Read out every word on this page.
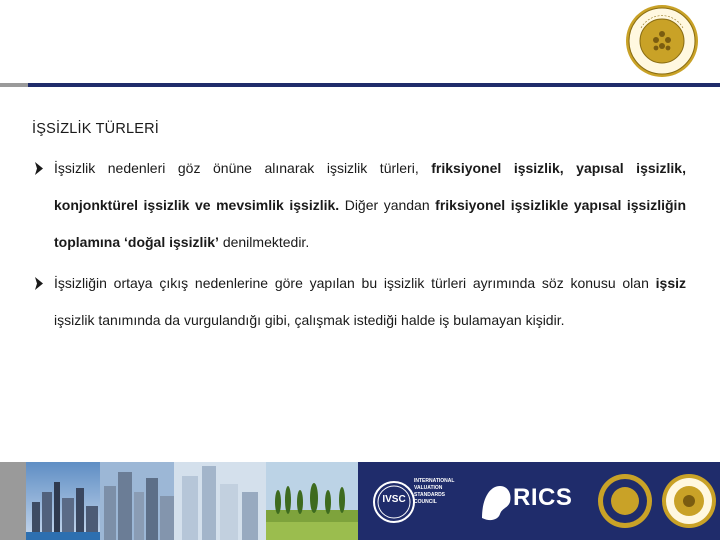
İŞSİZLİK TÜRLERİ

İşsizlik nedenleri göz önüne alınarak işsizlik türleri, friksiyonel işsizlik, yapısal işsizlik, konjonktürel işsizlik ve mevsimlik işsizlik. Diğer yandan friksiyonel işsizlikle yapısal işsizliğin toplamına ‘doğal işsizlik’ denilmektedir.

İşsizliğin ortaya çıkış nedenlerine göre yapılan bu işsizlik türleri ayrımında söz konusu olan işsiz işsizlik tanımında da vurgulandığı gibi, çalışmak istediği halde iş bulamayan kişidir.

IVSC
INTERNATIONAL
VALUATION
STANDARDS
COUNCIL	RICS
